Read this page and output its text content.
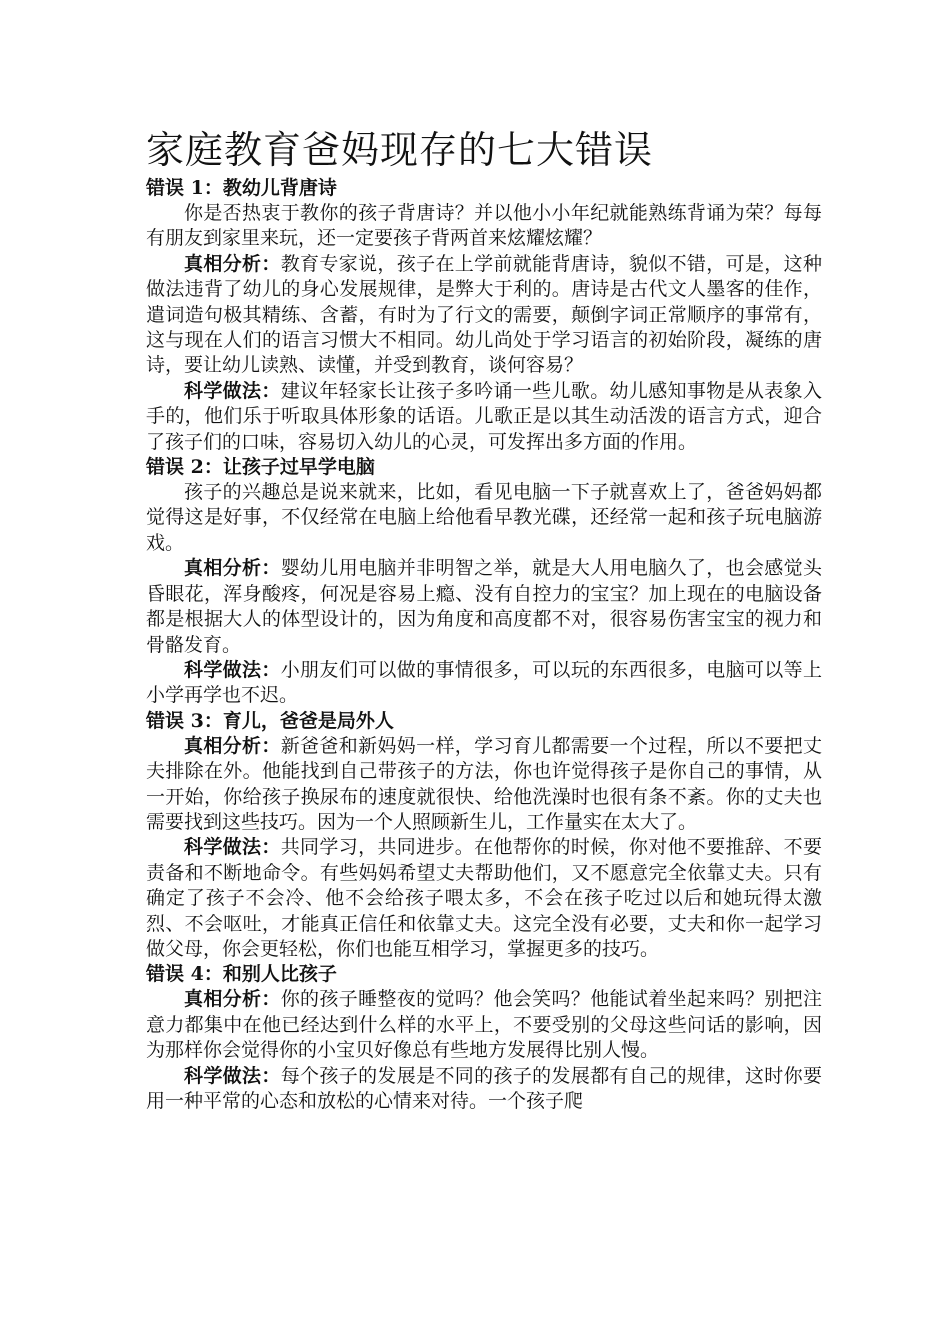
家庭教育爸妈现存的七大错误
错误 1：教幼儿背唐诗

你是否热衷于教你的孩子背唐诗？并以他小小年纪就能熟练背诵为荣？每每有朋友到家里来玩，还一定要孩子背两首来炫耀炫耀？

真相分析：教育专家说，孩子在上学前就能背唐诗，貌似不错，可是，这种做法违背了幼儿的身心发展规律，是弊大于利的。唐诗是古代文人墨客的佳作，遣词造句极其精练、含蓄，有时为了行文的需要，颠倒字词正常顺序的事常有，这与现在人们的语言习惯大不相同。幼儿尚处于学习语言的初始阶段，凝练的唐诗，要让幼儿读熟、读懂，并受到教育，谈何容易？

科学做法：建议年轻家长让孩子多吟诵一些儿歌。幼儿感知事物是从表象入手的，他们乐于听取具体形象的话语。儿歌正是以其生动活泼的语言方式，迎合了孩子们的口味，容易切入幼儿的心灵，可发挥出多方面的作用。

错误 2：让孩子过早学电脑

孩子的兴趣总是说来就来，比如，看见电脑一下子就喜欢上了，爸爸妈妈都觉得这是好事，不仅经常在电脑上给他看早教光碟，还经常一起和孩子玩电脑游戏。

真相分析：婴幼儿用电脑并非明智之举，就是大人用电脑久了，也会感觉头昏眼花，浑身酸疼，何况是容易上瘾、没有自控力的宝宝？加上现在的电脑设备都是根据大人的体型设计的，因为角度和高度都不对，很容易伤害宝宝的视力和骨骼发育。

科学做法：小朋友们可以做的事情很多，可以玩的东西很多，电脑可以等上小学再学也不迟。

错误 3：育儿，爸爸是局外人

真相分析：新爸爸和新妈妈一样，学习育儿都需要一个过程，所以不要把丈夫排除在外。他能找到自己带孩子的方法，你也许觉得孩子是你自己的事情，从一开始，你给孩子换尿布的速度就很快、给他洗澡时也很有条不紊。你的丈夫也需要找到这些技巧。因为一个人照顾新生儿，工作量实在太大了。

科学做法：共同学习，共同进步。在他帮你的时候，你对他不要推辞、不要责备和不断地命令。有些妈妈希望丈夫帮助他们，又不愿意完全依靠丈夫。只有确定了孩子不会冷、他不会给孩子喂太多，不会在孩子吃过以后和她玩得太激烈、不会呕吐，才能真正信任和依靠丈夫。这完全没有必要，丈夫和你一起学习做父母，你会更轻松，你们也能互相学习，掌握更多的技巧。

错误 4：和别人比孩子

真相分析：你的孩子睡整夜的觉吗？他会笑吗？他能试着坐起来吗？别把注意力都集中在他已经达到什么样的水平上，不要受别的父母这些问话的影响，因为那样你会觉得你的小宝贝好像总有些地方发展得比别人慢。

科学做法：每个孩子的发展是不同的孩子的发展都有自己的规律，这时你要用一种平常的心态和放松的心情来对待。一个孩子爬
